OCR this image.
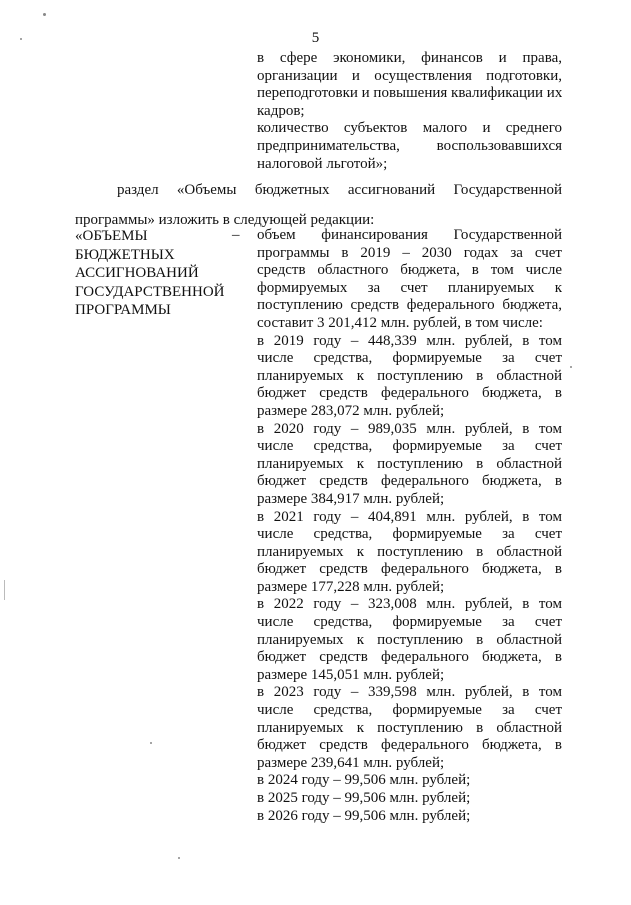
5
в сфере экономики, финансов и права,
организации и осуществления подготовки,
переподготовки и повышения квалификации их
кадров;
количество субъектов малого и среднего
предпринимательства, воспользовавшихся
налоговой льготой»;
раздел «Объемы бюджетных ассигнований Государственной
программы» изложить в следующей редакции:
«ОБЪЕМЫ
БЮДЖЕТНЫХ
АССИГНОВАНИЙ
ГОСУДАРСТВЕННОЙ
ПРОГРАММЫ
– объем финансирования Государственной
программы в 2019 – 2030 годах за счет
средств областного бюджета, в том числе
формируемых за счет планируемых к
поступлению средств федерального бюджета,
составит 3 201,412 млн. рублей, в том числе:
в 2019 году – 448,339 млн. рублей, в том
числе средства, формируемые за счет
планируемых к поступлению в областной
бюджет средств федерального бюджета, в
размере 283,072 млн. рублей;
в 2020 году – 989,035 млн. рублей, в том
числе средства, формируемые за счет
планируемых к поступлению в областной
бюджет средств федерального бюджета, в
размере 384,917 млн. рублей;
в 2021 году – 404,891 млн. рублей, в том
числе средства, формируемые за счет
планируемых к поступлению в областной
бюджет средств федерального бюджета, в
размере 177,228 млн. рублей;
в 2022 году – 323,008 млн. рублей, в том
числе средства, формируемые за счет
планируемых к поступлению в областной
бюджет средств федерального бюджета, в
размере 145,051 млн. рублей;
в 2023 году – 339,598 млн. рублей, в том
числе средства, формируемые за счет
планируемых к поступлению в областной
бюджет средств федерального бюджета, в
размере 239,641 млн. рублей;
в 2024 году – 99,506 млн. рублей;
в 2025 году – 99,506 млн. рублей;
в 2026 году – 99,506 млн. рублей;
